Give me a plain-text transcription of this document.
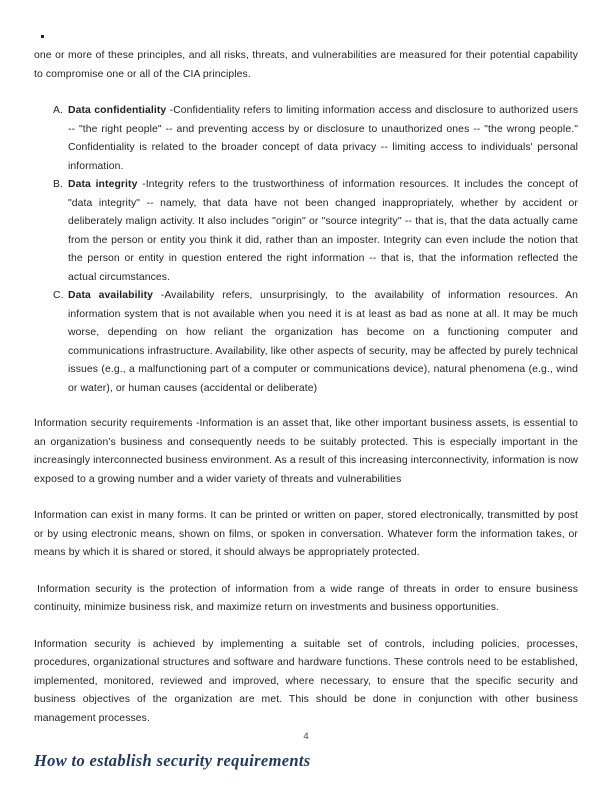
one or more of these principles, and all risks, threats, and vulnerabilities are measured for their potential capability to compromise one or all of the CIA principles.

A. Data confidentiality -Confidentiality refers to limiting information access and disclosure to authorized users -- "the right people" -- and preventing access by or disclosure to unauthorized ones -- "the wrong people." Confidentiality is related to the broader concept of data privacy -- limiting access to individuals' personal information.
B. Data integrity -Integrity refers to the trustworthiness of information resources. It includes the concept of "data integrity" -- namely, that data have not been changed inappropriately, whether by accident or deliberately malign activity. It also includes "origin" or "source integrity" -- that is, that the data actually came from the person or entity you think it did, rather than an imposter. Integrity can even include the notion that the person or entity in question entered the right information -- that is, that the information reflected the actual circumstances.
C. Data availability -Availability refers, unsurprisingly, to the availability of information resources. An information system that is not available when you need it is at least as bad as none at all. It may be much worse, depending on how reliant the organization has become on a functioning computer and communications infrastructure. Availability, like other aspects of security, may be affected by purely technical issues (e.g., a malfunctioning part of a computer or communications device), natural phenomena (e.g., wind or water), or human causes (accidental or deliberate)

Information security requirements -Information is an asset that, like other important business assets, is essential to an organization’s business and consequently needs to be suitably protected. This is especially important in the increasingly interconnected business environment. As a result of this increasing interconnectivity, information is now exposed to a growing number and a wider variety of threats and vulnerabilities

Information can exist in many forms. It can be printed or written on paper, stored electronically, transmitted by post or by using electronic means, shown on films, or spoken in conversation. Whatever form the information takes, or means by which it is shared or stored, it should always be appropriately protected.

Information security is the protection of information from a wide range of threats in order to ensure business continuity, minimize business risk, and maximize return on investments and business opportunities.

Information security is achieved by implementing a suitable set of controls, including policies, processes, procedures, organizational structures and software and hardware functions. These controls need to be established, implemented, monitored, reviewed and improved, where necessary, to ensure that the specific security and business objectives of the organization are met. This should be done in conjunction with other business management processes.

How to establish security requirements
4
